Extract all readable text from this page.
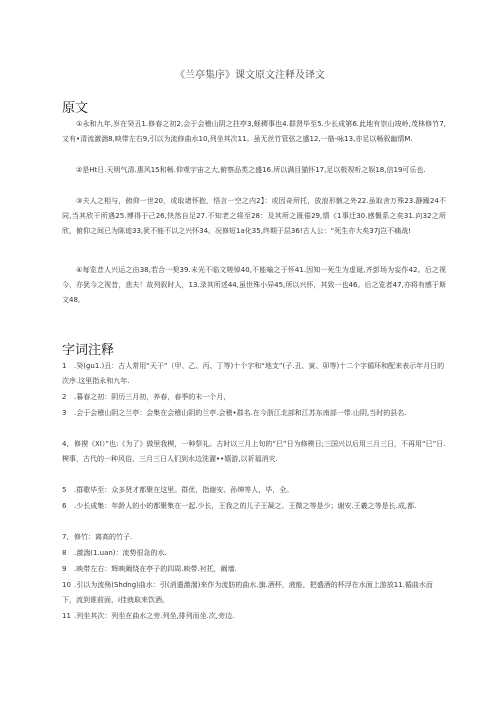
《兰亭集序》课文原文注释及译文
原文
①永和九年,岁在癸丑1.修春之初2,会于会稽山阴之拄亭3,蛏稷事也4.群贤毕至5.少长成第6.此地有崇山竣岭,茂林修竹7,又有•清流激湍8,映带左右9,引以为流修曲水10,列坐其次11。虽无丝竹管弦之盛12,一筋-咏13,亦足以畅叙幽情M.
②是Ht日.天明气清.惠风15和畅.仰观宇宙之大,俯察品类之盛16.所以满目猫怀17,足以极视听之娱18,信19可乐也.
③夫人之相与，俯仰一世20，或取诸怀抱，悟言一空之内2】：或因奇所托，放浪形骸之外22.虽取舍万殊23.静躁24不同,当其欣干所遇25.博得于己26,快然自足27.不知老之将至28：及其所之既倦29,情《1事迁30.感慨系之矣31.向32之所欣，俯仰之间已为陈迹33,犹不能不以之兴怀34。况修短1a化35,终期于层36!古人公：“死生亦大矣37J岂不痛战!
④每览昔人兴运之由38,若合一契39.未光不临文嗟悼40,不能喻之于怀41.因知一死生为虚诞,齐彭场为妄作42。后之视今，亦犹今之视昔，悲夫！故列叙时人，13.录其所述44,虽世殊小异45,所以兴怀，其致一也46。后之览者47,亦将有感于斯文48,
字词注释
1 .癸(gu1.)丑：古人常用“天干”（甲、乙、丙、丁等)十个字和“地支”(子.丑、寅、卯等)十二个字循环和配来表示年月日的次序.这里指永和九年.
2 .暮春之初：阴历三月初，养春，春季的末一个月，
3 .会于会稽山阴之兰亭：会集在会稽山阴的兰亭.会稽•郡名.在今浙江北部和江苏东南部一带.山阴,当时的县名.
4, 修禊《XI）”也:《为了》做里我楔，一种祭礼。古时以三月上旬的“巳”日为修楔日;三国兴以后用三月三日，不再用“巳”日.楔事，古代的一种风俗，三月三日人们到水边洗濯••嬉游,以祈福消灾.
5 .群歌毕至：众多贤才都聚在这里。群优，指谢安、孙绅等人，毕，全。
6 .少长成集：年龄人的小的都聚集在一起.少长，王我之的儿子王凝之、王微之等是少；谢安.王羲之等是长.成,都.
7, 修竹：离高的竹子.
8 .激湍(1.uan)：流势很急的水.
9 .映带左右：辉映阚绕在亭子的四周.映带.衬托，阚墙.
10 .引以为流殇(Shdng)曲水：引(消遣激湍)来作为流肪的曲水.旗.酒杯，液能，把盛酒的杯浮在水面上游放11.循曲水而下，流到谁前面，i佳就取来饮酒。
11 .列坐其次：列坐在曲水之旁.列坐,排列而坐.次,旁边.
